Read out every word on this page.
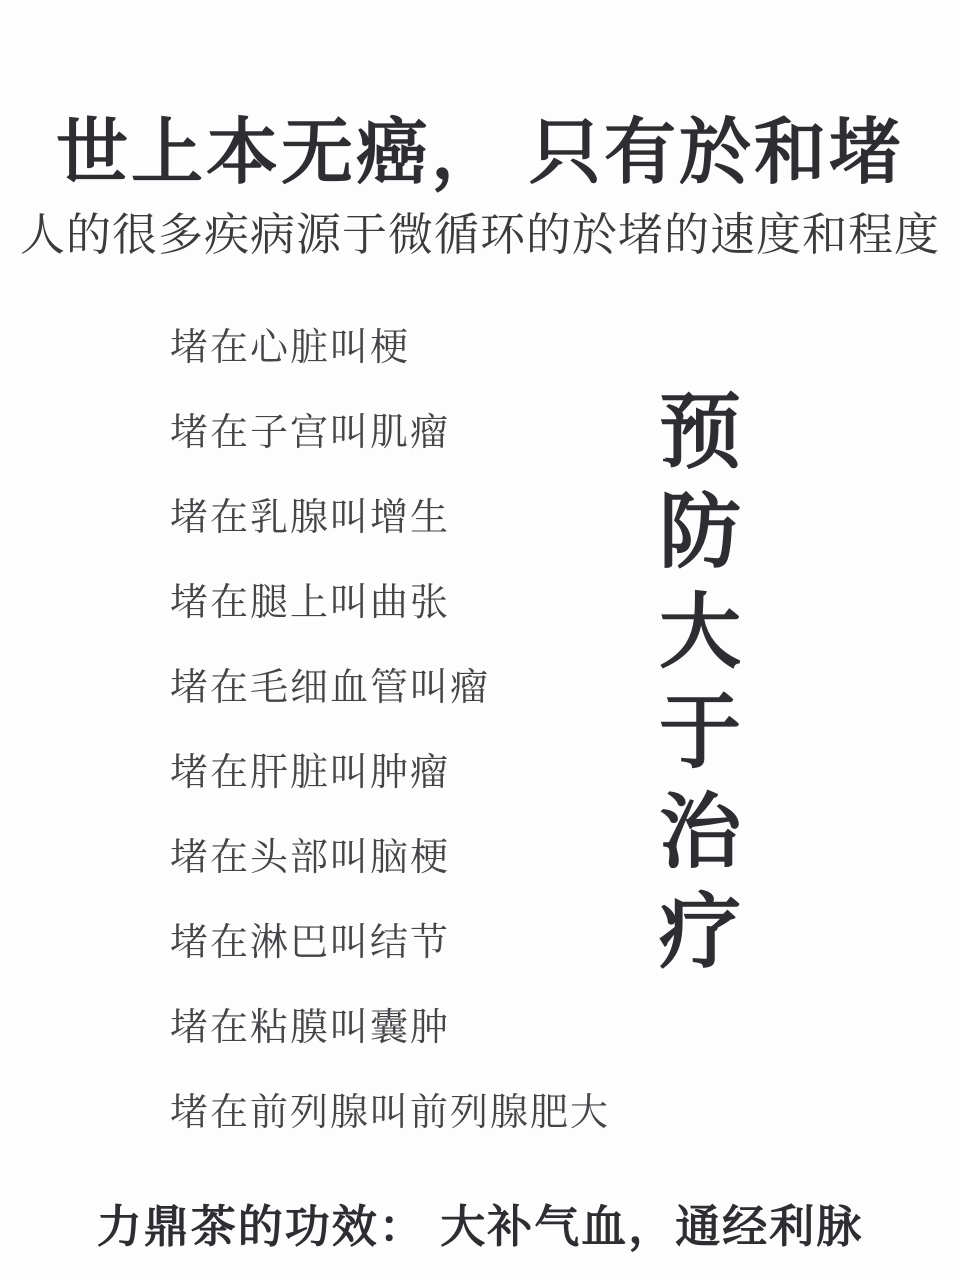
世上本无癌， 只有於和堵
人的很多疾病源于微循环的於堵的速度和程度
堵在心脏叫梗
堵在子宫叫肌瘤
堵在乳腺叫增生
堵在腿上叫曲张
堵在毛细血管叫瘤
堵在肝脏叫肿瘤
堵在头部叫脑梗
堵在淋巴叫结节
堵在粘膜叫囊肿
堵在前列腺叫前列腺肥大
预防大于治疗
力鼎茶的功效： 大补气血，通经利脉
